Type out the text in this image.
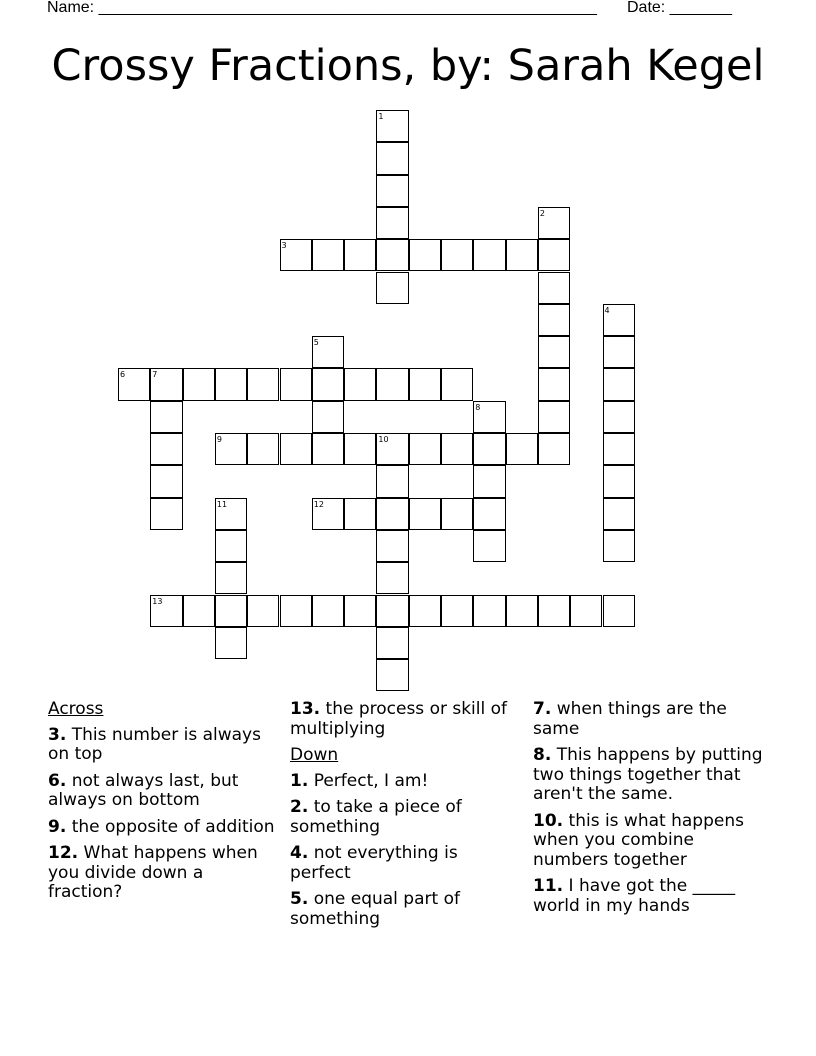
Name: ________________________________________________________ Date: _______
Crossy Fractions, by: Sarah Kegel
1
2
3
4
5
6	7
8
9	10
11	12
13
Across
3. This number is always on top
6. not always last, but always on bottom
9. the opposite of addition
12. What happens when you divide down a fraction?
13. the process or skill of multiplying
Down
1. Perfect, I am!
2. to take a piece of something
4. not everything is perfect
5. one equal part of something
7. when things are the same
8. This happens by putting two things together that aren't the same.
10. this is what happens when you combine numbers together
11. I have got the _____ world in my hands
